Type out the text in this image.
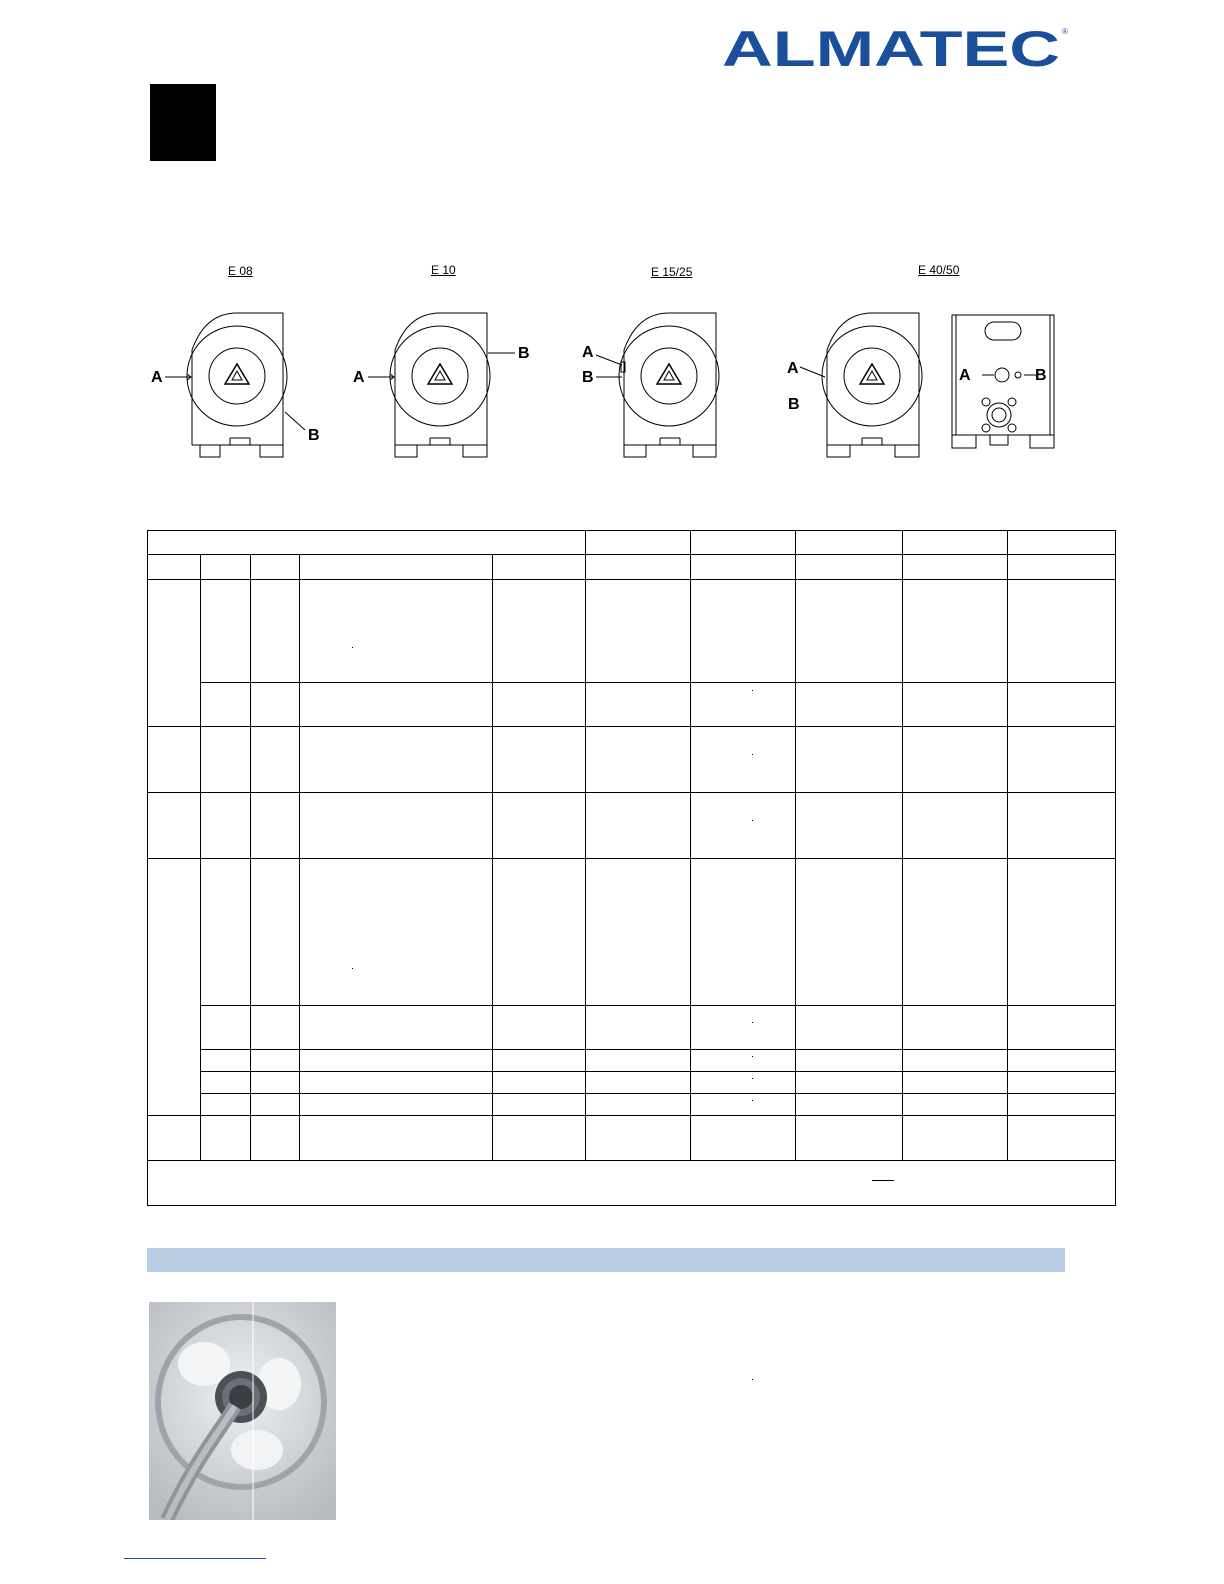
ALMATEC ®
E 08	E 10	E 15/25	E 40/50
A
B
A
B	A
B
A
B
A	B
